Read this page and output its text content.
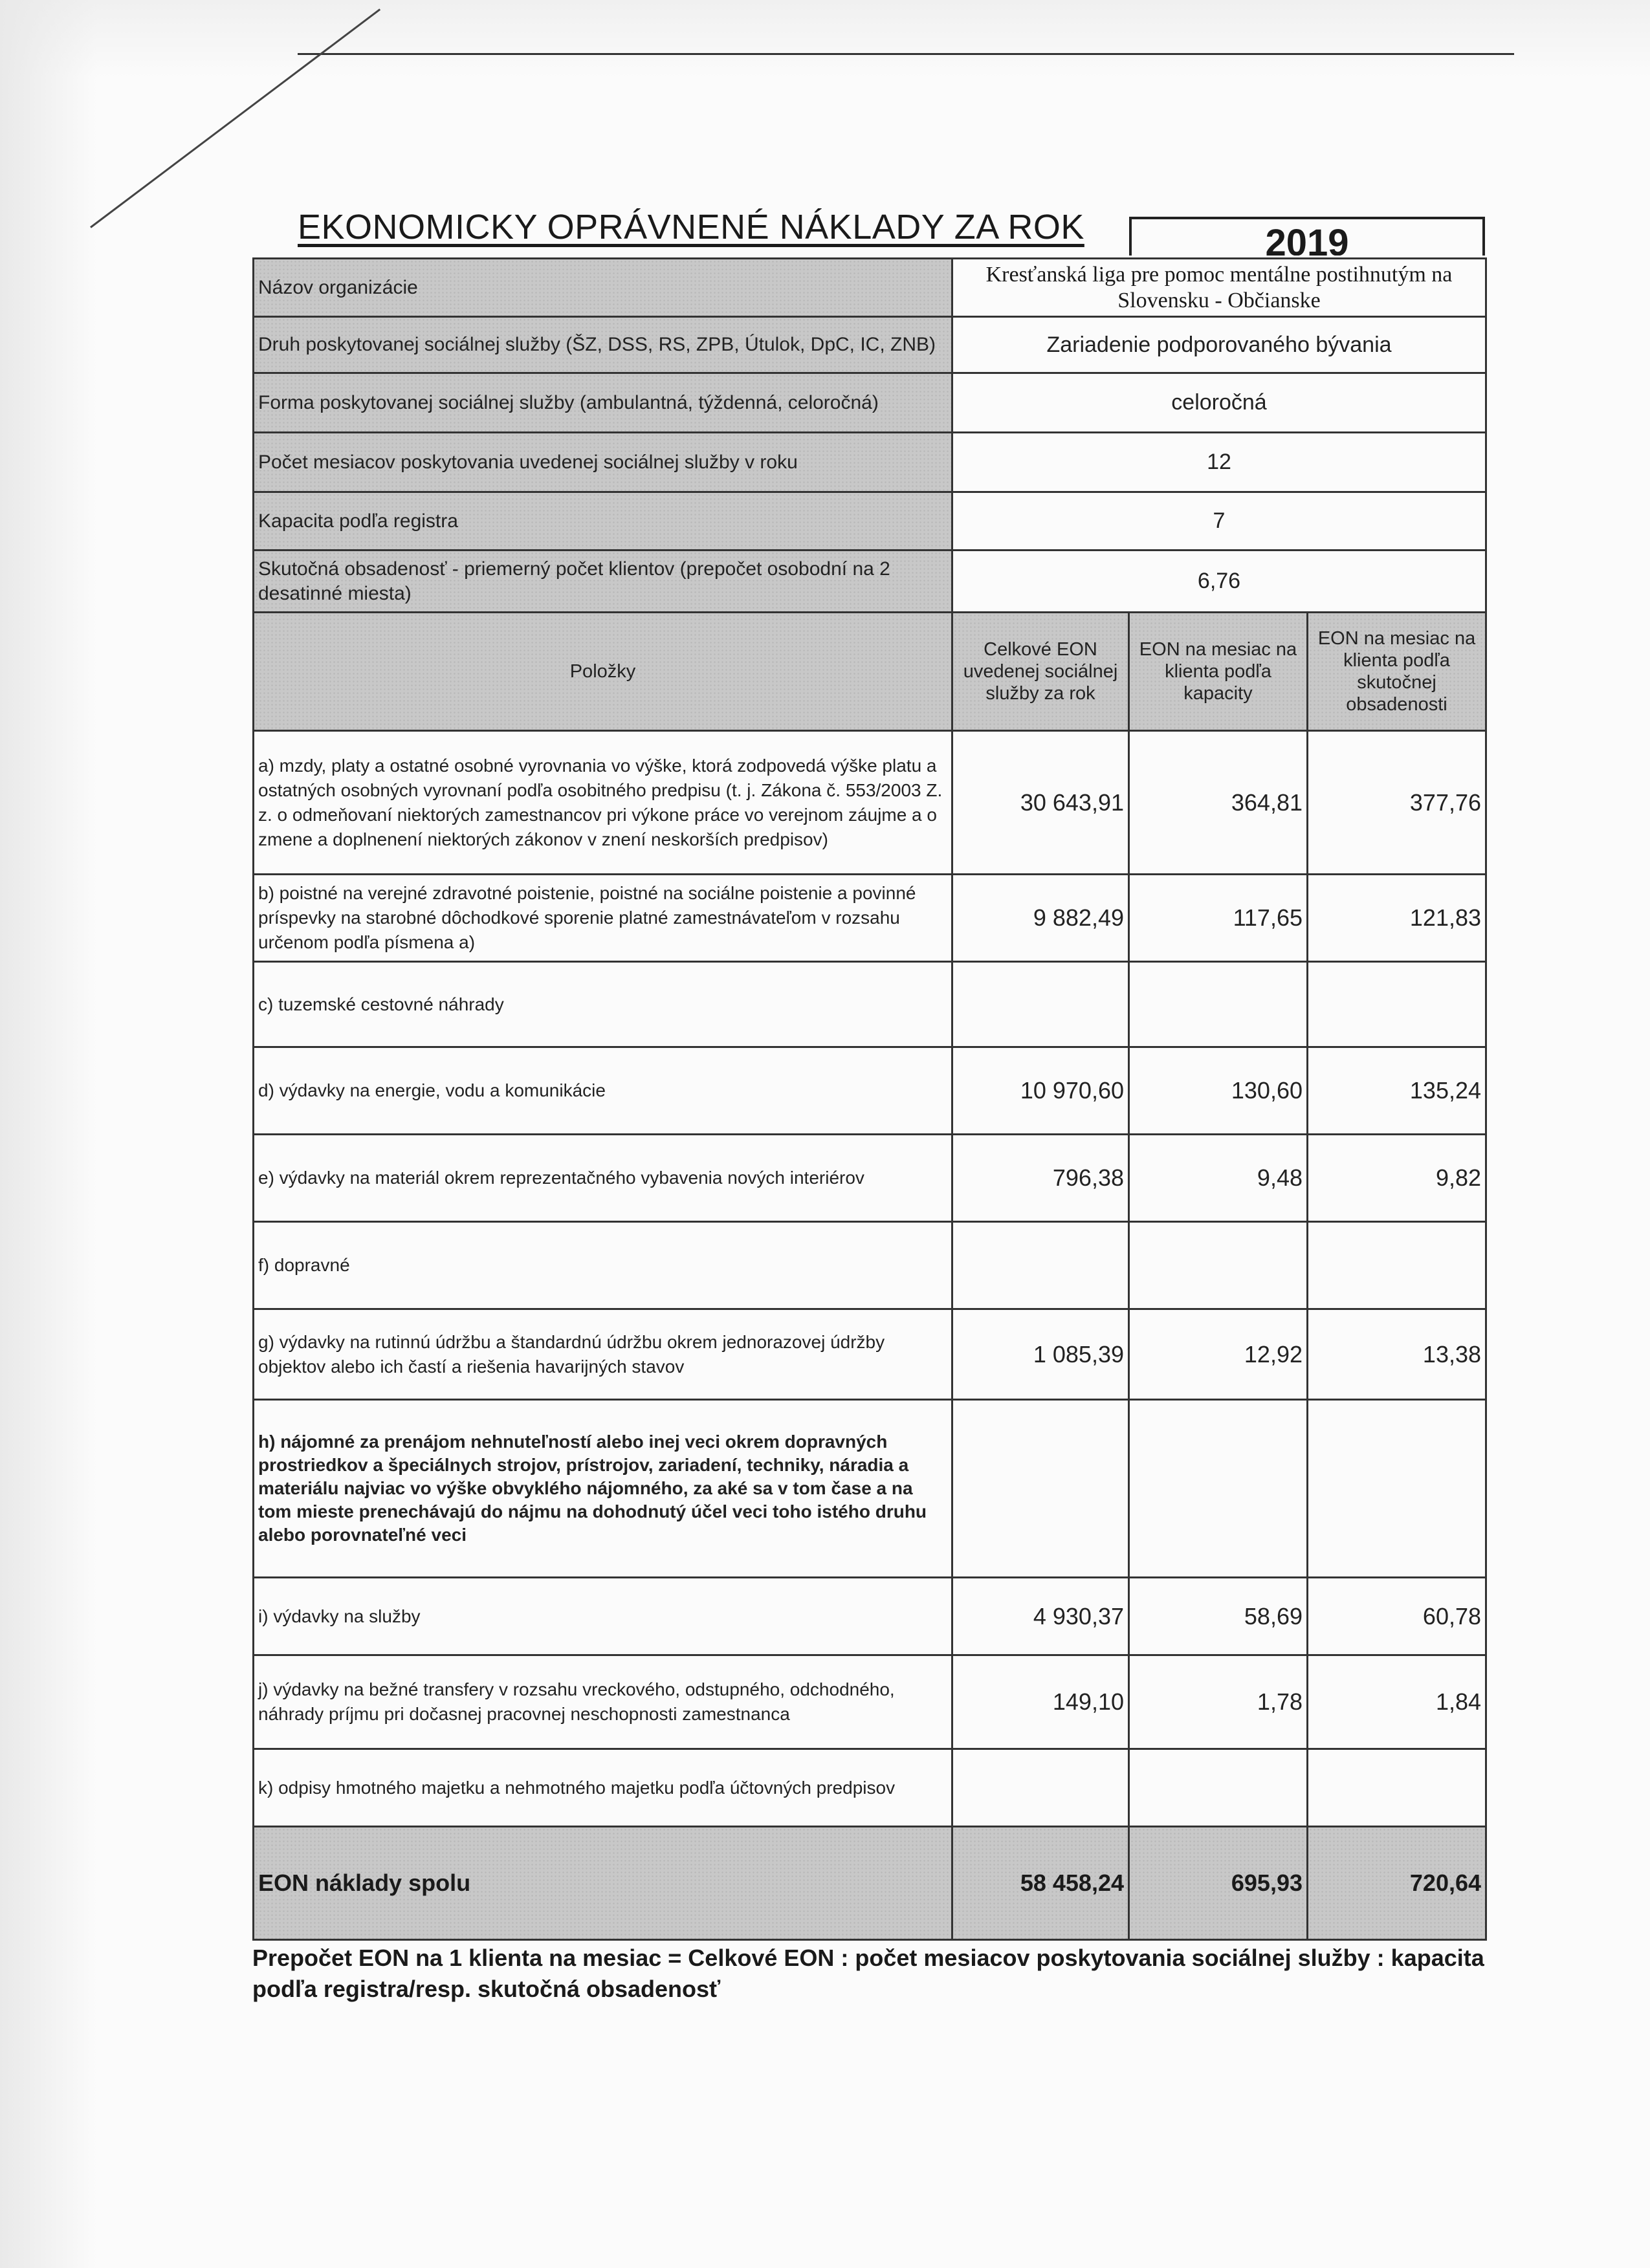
EKONOMICKY OPRÁVNENÉ NÁKLADY ZA ROK	2019
Názov organizácie	Kresťanská liga pre pomoc mentálne postihnutým na Slovensku - Občianske		
Druh poskytovanej sociálnej služby (ŠZ, DSS, RS, ZPB, Útulok, DpC, IC, ZNB)	Zariadenie podporovaného bývania		
Forma poskytovanej sociálnej služby (ambulantná, týždenná, celoročná)	celoročná		
Počet mesiacov poskytovania uvedenej sociálnej služby v roku	12		
Kapacita podľa registra	7		
Skutočná obsadenosť - priemerný počet klientov (prepočet osobodní na 2 desatinné miesta)	6,76		
Položky	Celkové EON uvedenej sociálnej služby za rok	EON na mesiac na klienta podľa kapacity	EON na mesiac na klienta podľa skutočnej obsadenosti
a) mzdy, platy a ostatné osobné vyrovnania vo výške, ktorá zodpovedá výške platu a ostatných osobných vyrovnaní podľa osobitného predpisu (t. j. Zákona č. 553/2003 Z. z. o odmeňovaní niektorých zamestnancov pri výkone práce vo verejnom záujme a o zmene a doplnenení niektorých zákonov v znení neskorších predpisov)	30 643,91	364,81	377,76
b) poistné na verejné zdravotné poistenie, poistné na sociálne poistenie a povinné príspevky na starobné dôchodkové sporenie platné zamestnávateľom v rozsahu určenom podľa písmena a)	9 882,49	117,65	121,83
c) tuzemské cestovné náhrady			
d) výdavky na energie, vodu a komunikácie	10 970,60	130,60	135,24
e) výdavky na materiál okrem reprezentačného vybavenia nových interiérov	796,38	9,48	9,82
f) dopravné			
g) výdavky na rutinnú údržbu a štandardnú údržbu okrem jednorazovej údržby objektov alebo ich častí a riešenia havarijných stavov	1 085,39	12,92	13,38
h) nájomné za prenájom nehnuteľností alebo inej veci okrem dopravných prostriedkov a špeciálnych strojov, prístrojov, zariadení, techniky, náradia a materiálu najviac vo výške obvyklého nájomného, za aké sa v tom čase a na tom mieste prenechávajú do nájmu na dohodnutý účel veci toho istého druhu alebo porovnateľné veci			
i) výdavky na služby	4 930,37	58,69	60,78
j) výdavky na bežné transfery v rozsahu vreckového, odstupného, odchodného, náhrady príjmu pri dočasnej pracovnej neschopnosti zamestnanca	149,10	1,78	1,84
k) odpisy hmotného majetku a nehmotného majetku podľa účtovných predpisov			
EON náklady spolu	58 458,24	695,93	720,64
Prepočet EON na 1 klienta na mesiac = Celkové EON : počet mesiacov poskytovania sociálnej služby : kapacita podľa registra/resp. skutočná obsadenosť
